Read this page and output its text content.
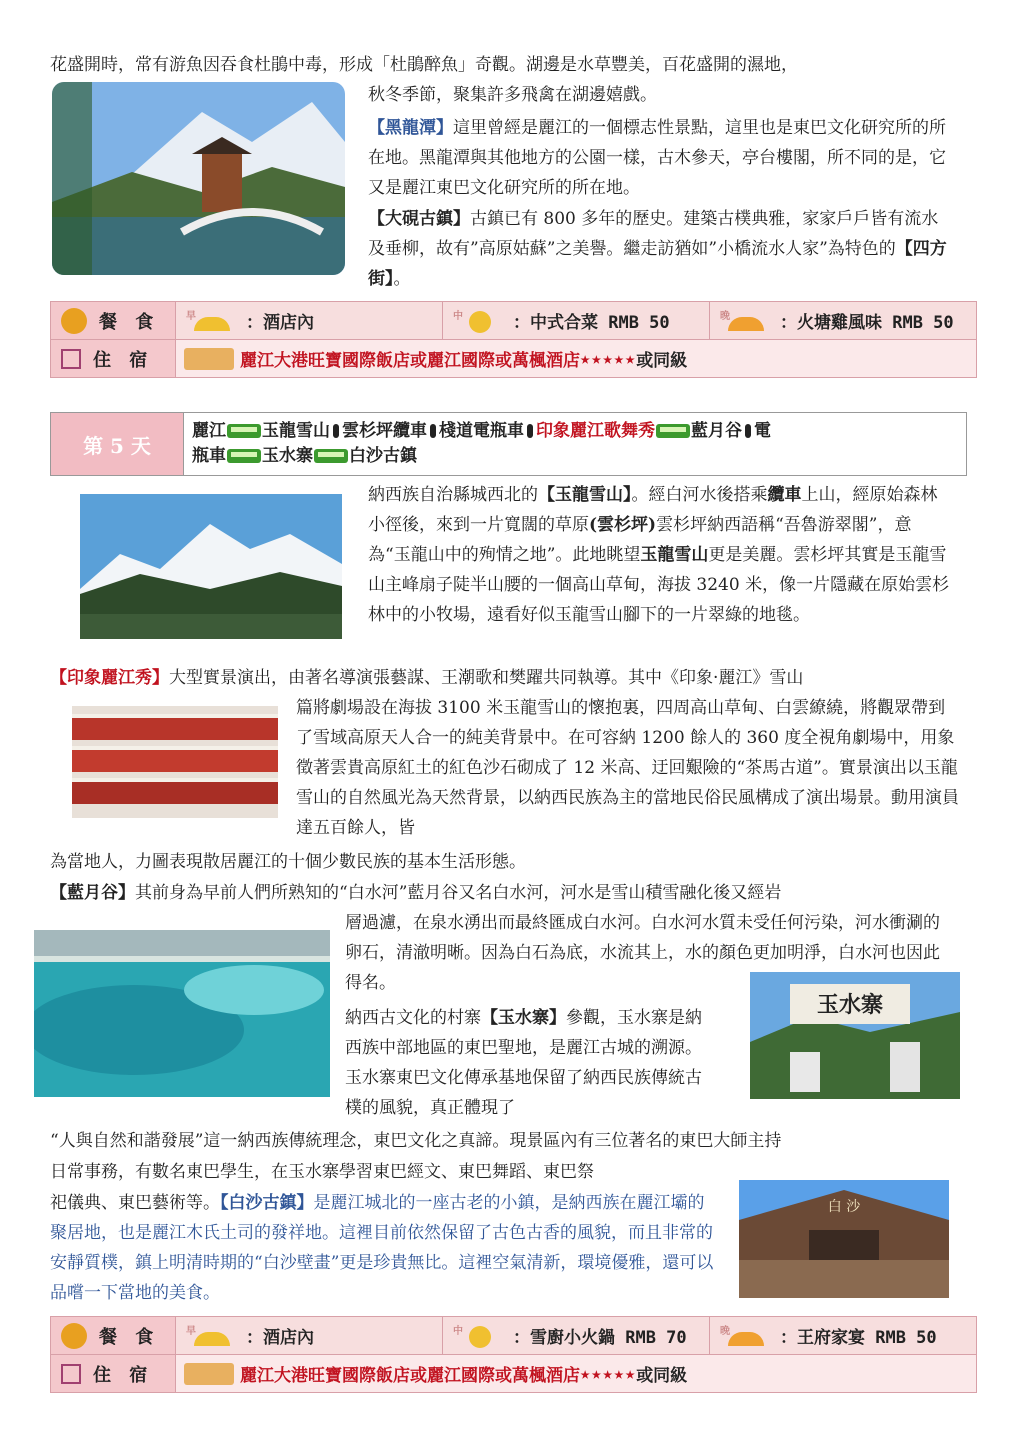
花盛開時，常有游魚因吞食杜鵑中毒，形成「杜鵑醉魚」奇觀。湖邊是水草豐美，百花盛開的濕地，
秋冬季節，聚集許多飛禽在湖邊嬉戲。
【黑龍潭】這里曾經是麗江的一個標志性景點，這里也是東巴文化研究所的所在地。黑龍潭與其他地方的公園一樣，古木參天，亭台樓閣，所不同的是，它又是麗江東巴文化研究所的所在地。
【大硯古鎮】古鎮已有 800 多年的歷史。建築古樸典雅，家家戶戶皆有流水及垂柳，故有”高原姑蘇”之美譽。繼走訪猶如”小橋流水人家”為特色的【四方街】。
餐 食	早	：酒店內	中	：中式合菜 RMB 50	晚	：火塘雞風味 RMB 50
住 宿	麗江大港旺寶國際飯店或麗江國際或萬楓酒店 ★★★★★ 或同級
第 5 天
麗江 玉龍雪山 雲杉坪纜車 棧道電瓶車 印象麗江歌舞秀 藍月谷 電
瓶車 玉水寨 白沙古鎮
納西族自治縣城西北的【玉龍雪山】。經白河水後搭乘纜車上山，經原始森林小徑後，來到一片寬闊的草原(雲杉坪)雲杉坪納西語稱“吾魯游翠閣”，意為“玉龍山中的殉情之地”。此地眺望玉龍雪山更是美麗。雲杉坪其實是玉龍雪山主峰扇子陡半山腰的一個高山草甸，海拔 3240 米，像一片隱藏在原始雲杉林中的小牧場，遠看好似玉龍雪山腳下的一片翠綠的地毯。
【印象麗江秀】大型實景演出，由著名導演張藝謀、王潮歌和樊躍共同執導。其中《印象·麗江》雪山
篇將劇場設在海拔 3100 米玉龍雪山的懷抱裏，四周高山草甸、白雲繚繞，將觀眾帶到了雪域高原天人合一的純美背景中。在可容納 1200 餘人的 360 度全視角劇場中，用象徵著雲貴高原紅土的紅色沙石砌成了 12 米高、迂回艱險的“茶馬古道”。實景演出以玉龍雪山的自然風光為天然背景，以納西民族為主的當地民俗民風構成了演出場景。動用演員達五百餘人，皆
為當地人，力圖表現散居麗江的十個少數民族的基本生活形態。
【藍月谷】其前身為早前人們所熟知的“白水河”藍月谷又名白水河，河水是雪山積雪融化後又經岩
層過濾，在泉水湧出而最終匯成白水河。白水河水質未受任何污染，河水衝涮的卵石，清澈明晰。因為白石為底，水流其上，水的顏色更加明淨，白水河也因此得名。
玉水寨
納西古文化的村寨【玉水寨】參觀，玉水寨是納西族中部地區的東巴聖地，是麗江古城的溯源。玉水寨東巴文化傳承基地保留了納西民族傳統古樸的風貌，真正體現了
“人與自然和諧發展”這一納西族傳統理念，東巴文化之真諦。現景區內有三位著名的東巴大師主持
日常事務，有數名東巴學生，在玉水寨學習東巴經文、東巴舞蹈、東巴祭
祀儀典、東巴藝術等。【白沙古鎮】是麗江城北的一座古老的小鎮，是納西族在麗江壩的聚居地，也是麗江木氏土司的發祥地。這裡目前依然保留了古色古香的風貌，而且非常的安靜質樸，鎮上明清時期的“白沙壁畫”更是珍貴無比。這裡空氣清新，環境優雅，還可以品嚐一下當地的美食。
白 沙
餐 食	早	：酒店內	中	：雪廚小火鍋 RMB 70	晚	：王府家宴 RMB 50
住 宿	麗江大港旺寶國際飯店或麗江國際或萬楓酒店 ★★★★★ 或同級
